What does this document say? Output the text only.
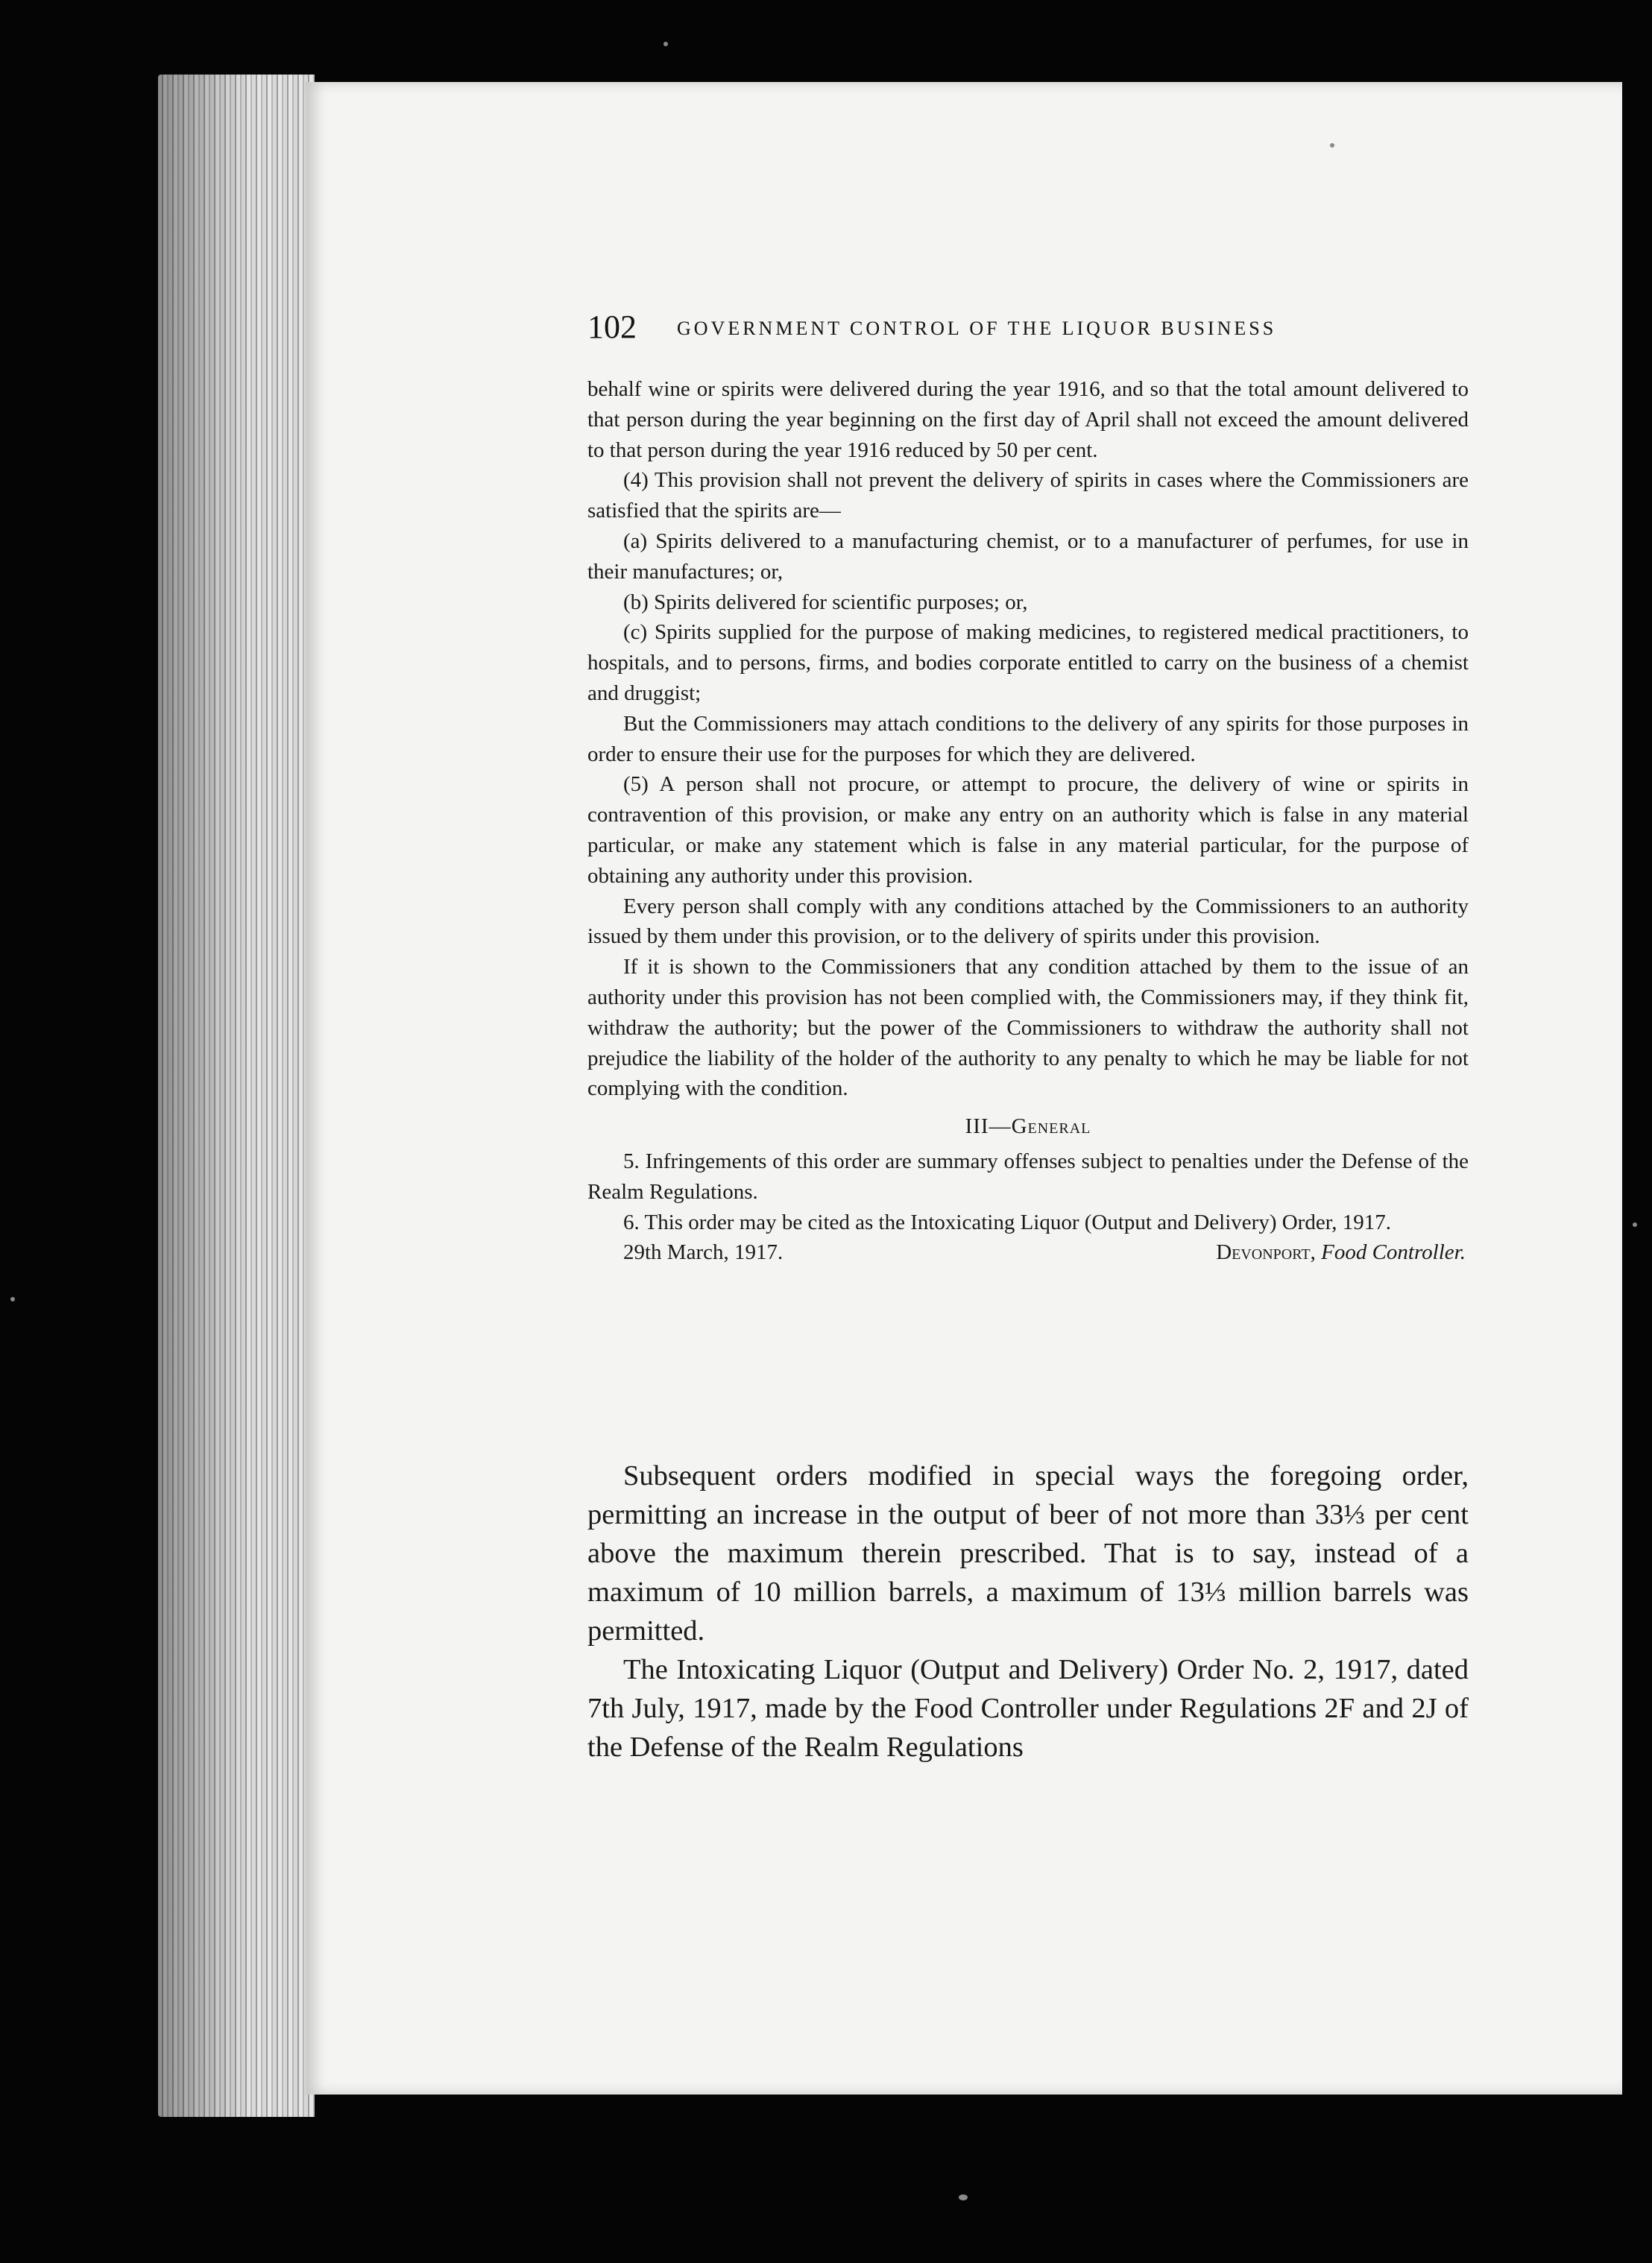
102 GOVERNMENT CONTROL OF THE LIQUOR BUSINESS

behalf wine or spirits were delivered during the year 1916, and so that the total amount delivered to that person during the year beginning on the first day of April shall not exceed the amount delivered to that person during the year 1916 reduced by 50 per cent.

(4) This provision shall not prevent the delivery of spirits in cases where the Commissioners are satisfied that the spirits are—

(a) Spirits delivered to a manufacturing chemist, or to a manufacturer of perfumes, for use in their manufactures; or,

(b) Spirits delivered for scientific purposes; or,

(c) Spirits supplied for the purpose of making medicines, to registered medical practitioners, to hospitals, and to persons, firms, and bodies corporate entitled to carry on the business of a chemist and druggist;

But the Commissioners may attach conditions to the delivery of any spirits for those purposes in order to ensure their use for the purposes for which they are delivered.

(5) A person shall not procure, or attempt to procure, the delivery of wine or spirits in contravention of this provision, or make any entry on an authority which is false in any material particular, or make any statement which is false in any material particular, for the purpose of obtaining any authority under this provision.

Every person shall comply with any conditions attached by the Commissioners to an authority issued by them under this provision, or to the delivery of spirits under this provision.

If it is shown to the Commissioners that any condition attached by them to the issue of an authority under this provision has not been complied with, the Commissioners may, if they think fit, withdraw the authority; but the power of the Commissioners to withdraw the authority shall not prejudice the liability of the holder of the authority to any penalty to which he may be liable for not complying with the condition.

III—General

5. Infringements of this order are summary offenses subject to penalties under the Defense of the Realm Regulations.

6. This order may be cited as the Intoxicating Liquor (Output and Delivery) Order, 1917.

29th March, 1917.	Devonport, Food Controller.

Subsequent orders modified in special ways the foregoing order, permitting an increase in the output of beer of not more than 33⅓ per cent above the maximum therein prescribed. That is to say, instead of a maximum of 10 million barrels, a maximum of 13⅓ million barrels was permitted.

The Intoxicating Liquor (Output and Delivery) Order No. 2, 1917, dated 7th July, 1917, made by the Food Controller under Regulations 2F and 2J of the Defense of the Realm Regulations
